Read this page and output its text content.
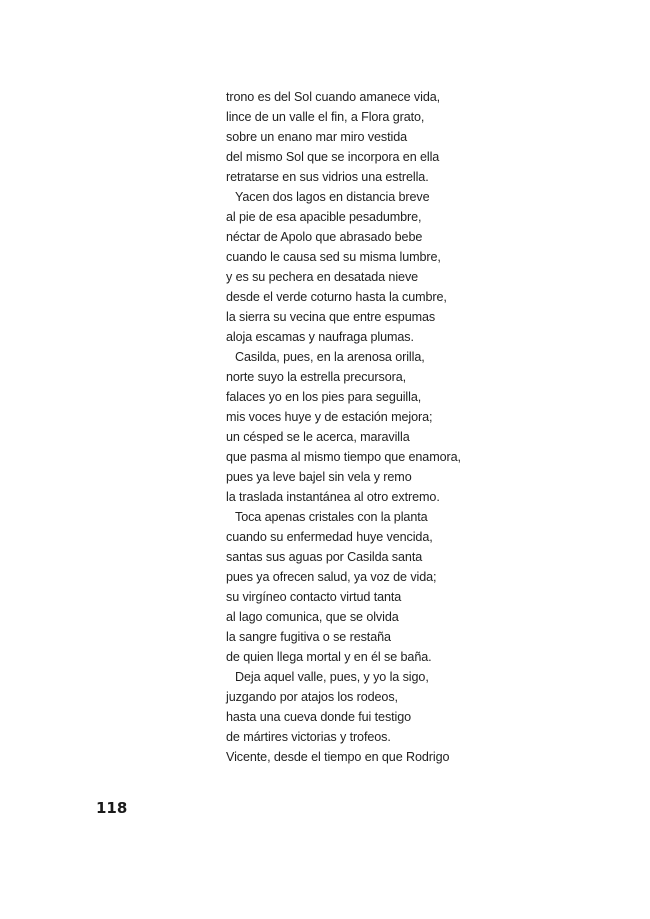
trono es del Sol cuando amanece vida,
lince de un valle el fin, a Flora grato,
sobre un enano mar miro vestida
del mismo Sol que se incorpora en ella
retratarse en sus vidrios una estrella.
Yacen dos lagos en distancia breve
al pie de esa apacible pesadumbre,
néctar de Apolo que abrasado bebe
cuando le causa sed su misma lumbre,
y es su pechera en desatada nieve
desde el verde coturno hasta la cumbre,
la sierra su vecina que entre espumas
aloja escamas y naufraga plumas.
Casilda, pues, en la arenosa orilla,
norte suyo la estrella precursora,
falaces yo en los pies para seguilla,
mis voces huye y de estación mejora;
un césped se le acerca, maravilla
que pasma al mismo tiempo que enamora,
pues ya leve bajel sin vela y remo
la traslada instantánea al otro extremo.
Toca apenas cristales con la planta
cuando su enfermedad huye vencida,
santas sus aguas por Casilda santa
pues ya ofrecen salud, ya voz de vida;
su virgíneo contacto virtud tanta
al lago comunica, que se olvida
la sangre fugitiva o se restaña
de quien llega mortal y en él se baña.
Deja aquel valle, pues, y yo la sigo,
juzgando por atajos los rodeos,
hasta una cueva donde fui testigo
de mártires victorias y trofeos.
Vicente, desde el tiempo en que Rodrigo
118
